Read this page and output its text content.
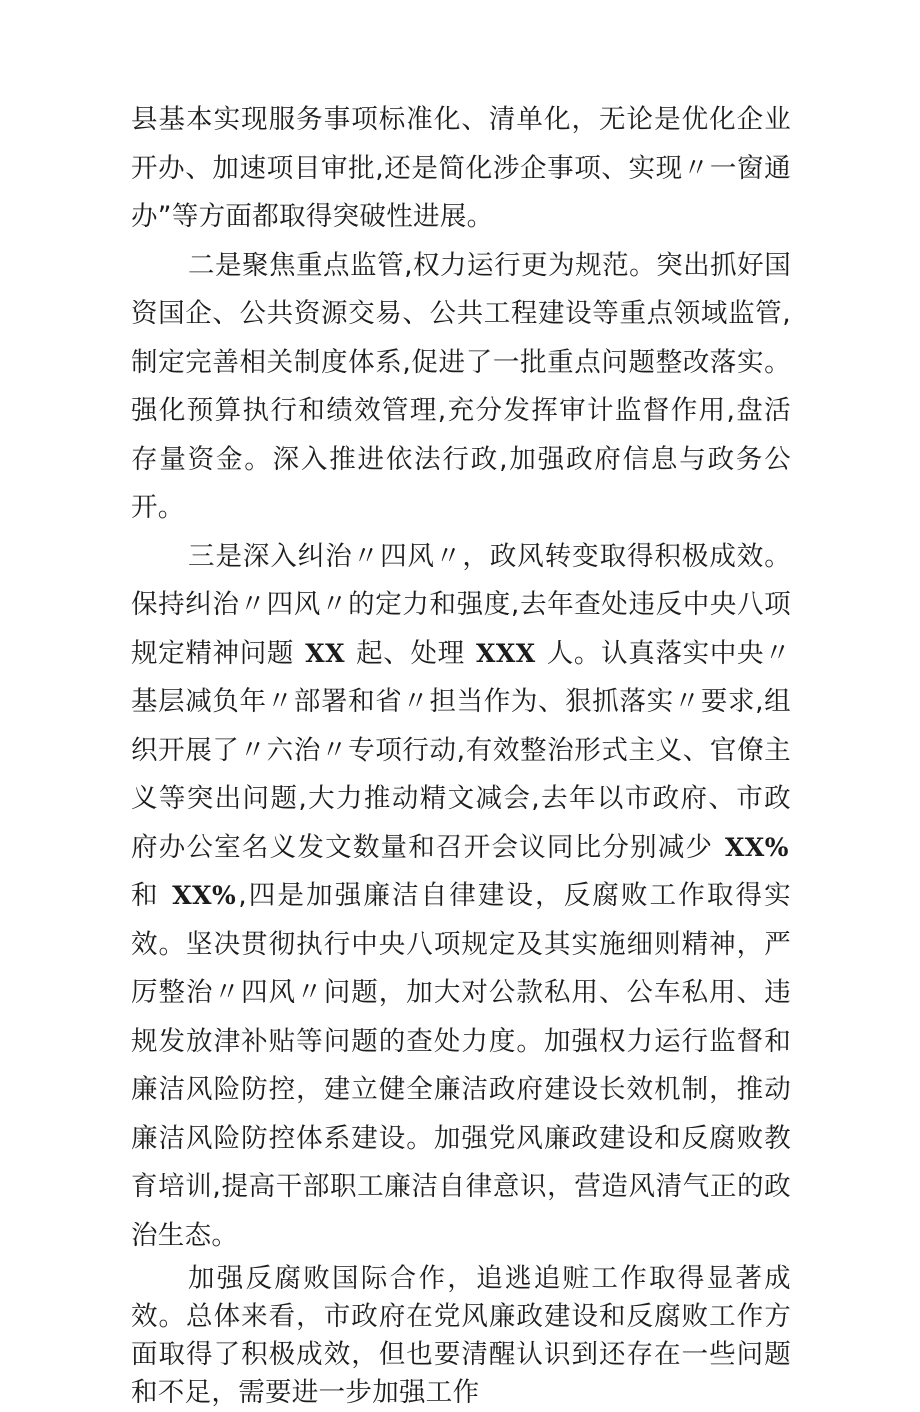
县基本实现服务事项标准化、清单化，无论是优化企业开办、加速项目审批,还是简化涉企事项、实现〃一窗通办”等方面都取得突破性进展。

二是聚焦重点监管,权力运行更为规范。突出抓好国资国企、公共资源交易、公共工程建设等重点领域监管,制定完善相关制度体系,促进了一批重点问题整改落实。强化预算执行和绩效管理,充分发挥审计监督作用,盘活存量资金。深入推进依法行政,加强政府信息与政务公开。

三是深入纠治〃四风〃，政风转变取得积极成效。保持纠治〃四风〃的定力和强度,去年查处违反中央八项规定精神问题 XX 起、处理 XXX 人。认真落实中央〃基层减负年〃部署和省〃担当作为、狠抓落实〃要求,组织开展了〃六治〃专项行动,有效整治形式主义、官僚主义等突出问题,大力推动精文减会,去年以市政府、市政府办公室名义发文数量和召开会议同比分别减少 XX%和 XX%,四是加强廉洁自律建设，反腐败工作取得实效。坚决贯彻执行中央八项规定及其实施细则精神，严厉整治〃四风〃问题，加大对公款私用、公车私用、违规发放津补贴等问题的查处力度。加强权力运行监督和廉洁风险防控，建立健全廉洁政府建设长效机制，推动廉洁风险防控体系建设。加强党风廉政建设和反腐败教育培训,提高干部职工廉洁自律意识，营造风清气正的政治生态。

加强反腐败国际合作，追逃追赃工作取得显著成效。总体来看，市政府在党风廉政建设和反腐败工作方面取得了积极成效，但也要清醒认识到还存在一些问题和不足，需要进一步加强工作
